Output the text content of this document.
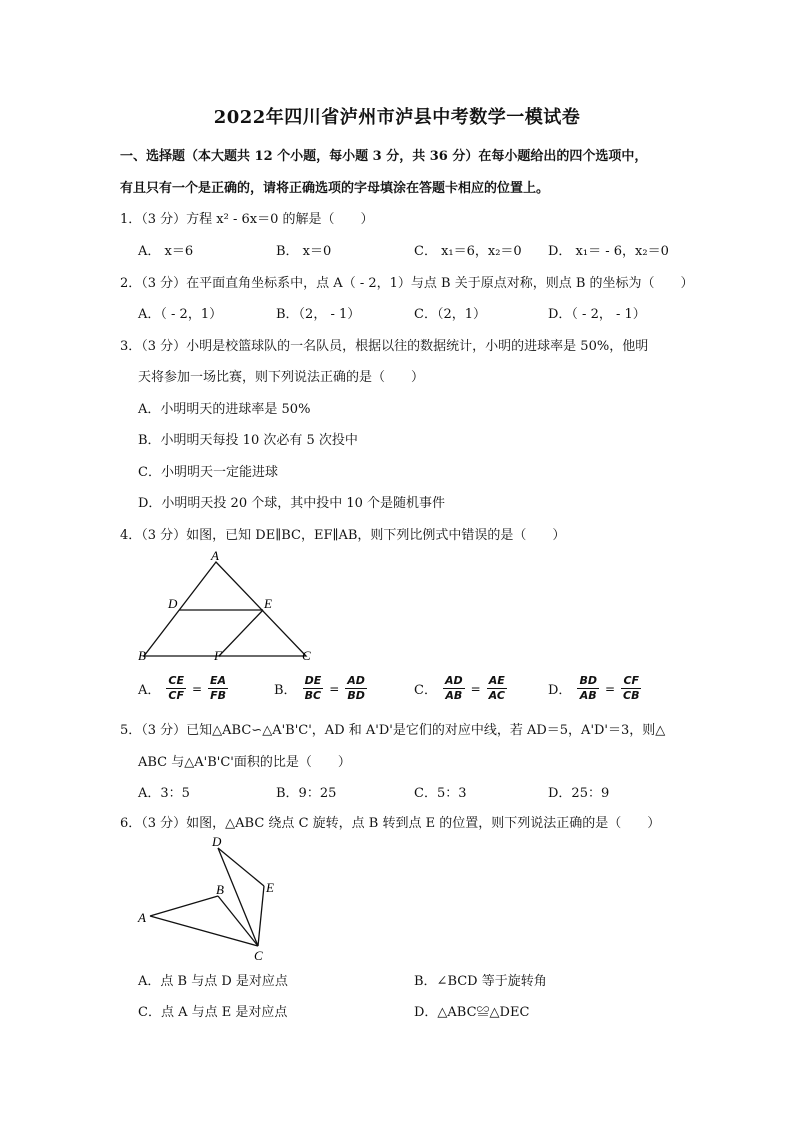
2022年四川省泸州市泸县中考数学一模试卷
一、选择题（本大题共 12 个小题，每小题 3 分，共 36 分）在每小题给出的四个选项中，
有且只有一个是正确的，请将正确选项的字母填涂在答题卡相应的位置上。
1．（3 分）方程 x² - 6x＝0 的解是（　　）
A． x＝6	B． x＝0	C． x₁＝6，x₂＝0 D． x₁＝ - 6，x₂＝0
2．（3 分）在平面直角坐标系中，点 A（ - 2，1）与点 B 关于原点对称，则点 B 的坐标为（　　）
A．（ - 2，1）	B．（2， - 1）	C．（2，1）	D．（ - 2， - 1）
3．（3 分）小明是校篮球队的一名队员，根据以往的数据统计，小明的进球率是 50%，他明
天将参加一场比赛，则下列说法正确的是（　　）
A．小明明天的进球率是 50%
B．小明明天每投 10 次必有 5 次投中
C．小明明天一定能进球
D．小明明天投 20 个球，其中投中 10 个是随机事件
4．（3 分）如图，已知 DE∥BC，EF∥AB，则下列比例式中错误的是（　　）
A
D	E
B	F	C
A． $\frac{CE}{CF} = \frac{EA}{FB}$	B． $\frac{DE}{BC} = \frac{AD}{BD}$	C． $\frac{AD}{AB} = \frac{AE}{AC}$	D． $\frac{BD}{AB} = \frac{CF}{CB}$
5．（3 分）已知△ABC∽△A'B'C'，AD 和 A'D'是它们的对应中线，若 AD＝5，A'D'＝3，则△
ABC 与△A'B'C'面积的比是（　　）
A．3：5	B．9：25	C．5：3	D．25：9
6．（3 分）如图，△ABC 绕点 C 旋转，点 B 转到点 E 的位置，则下列说法正确的是（　　）
D
B	E
A
C
A．点 B 与点 D 是对应点	B．∠BCD 等于旋转角
C．点 A 与点 E 是对应点	D．△ABC≌△DEC
